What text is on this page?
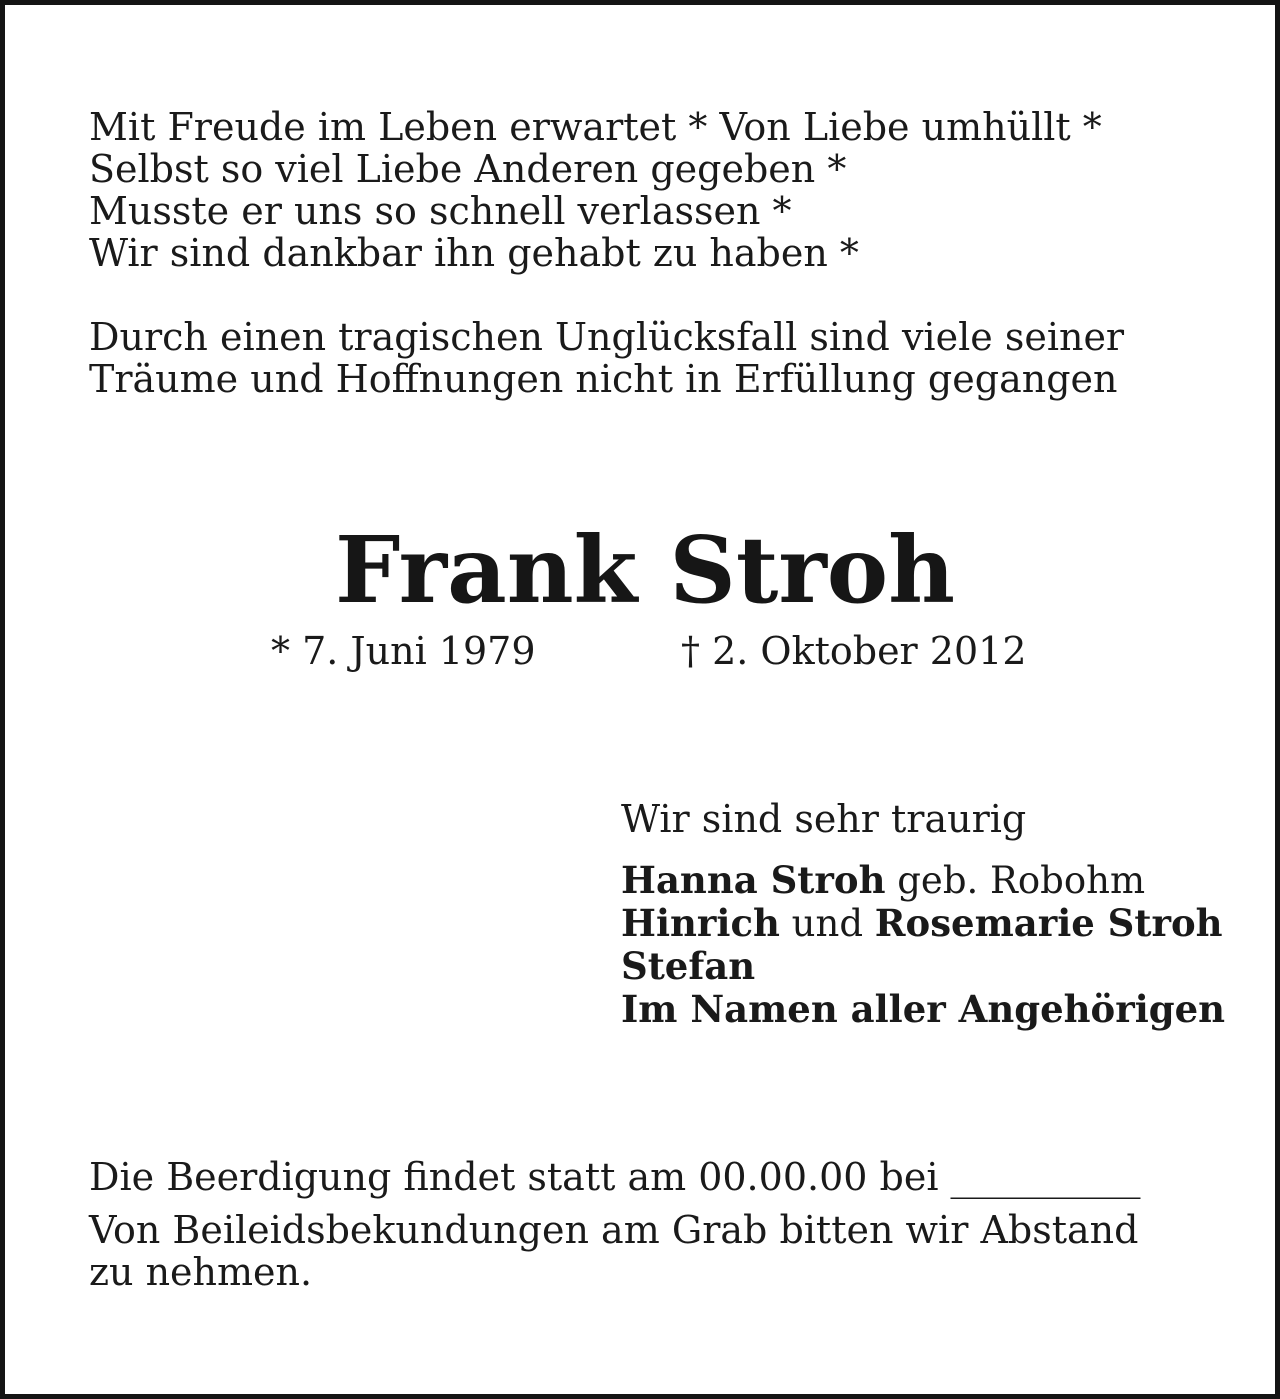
Mit Freude im Leben erwartet * Von Liebe umhüllt *
Selbst so viel Liebe Anderen gegeben *
Musste er uns so schnell verlassen *
Wir sind dankbar ihn gehabt zu haben *
Durch einen tragischen Unglücksfall sind viele seiner
Träume und Hoffnungen nicht in Erfüllung gegangen
Frank Stroh
* 7. Juni 1979	† 2. Oktober 2012

Wir sind sehr traurig

Hanna Stroh geb. Robohm
Hinrich und Rosemarie Stroh
Stefan
Im Namen aller Angehörigen
Die Beerdigung findet statt am 00.00.00 bei __________
Von Beileidsbekundungen am Grab bitten wir Abstand
zu nehmen.
